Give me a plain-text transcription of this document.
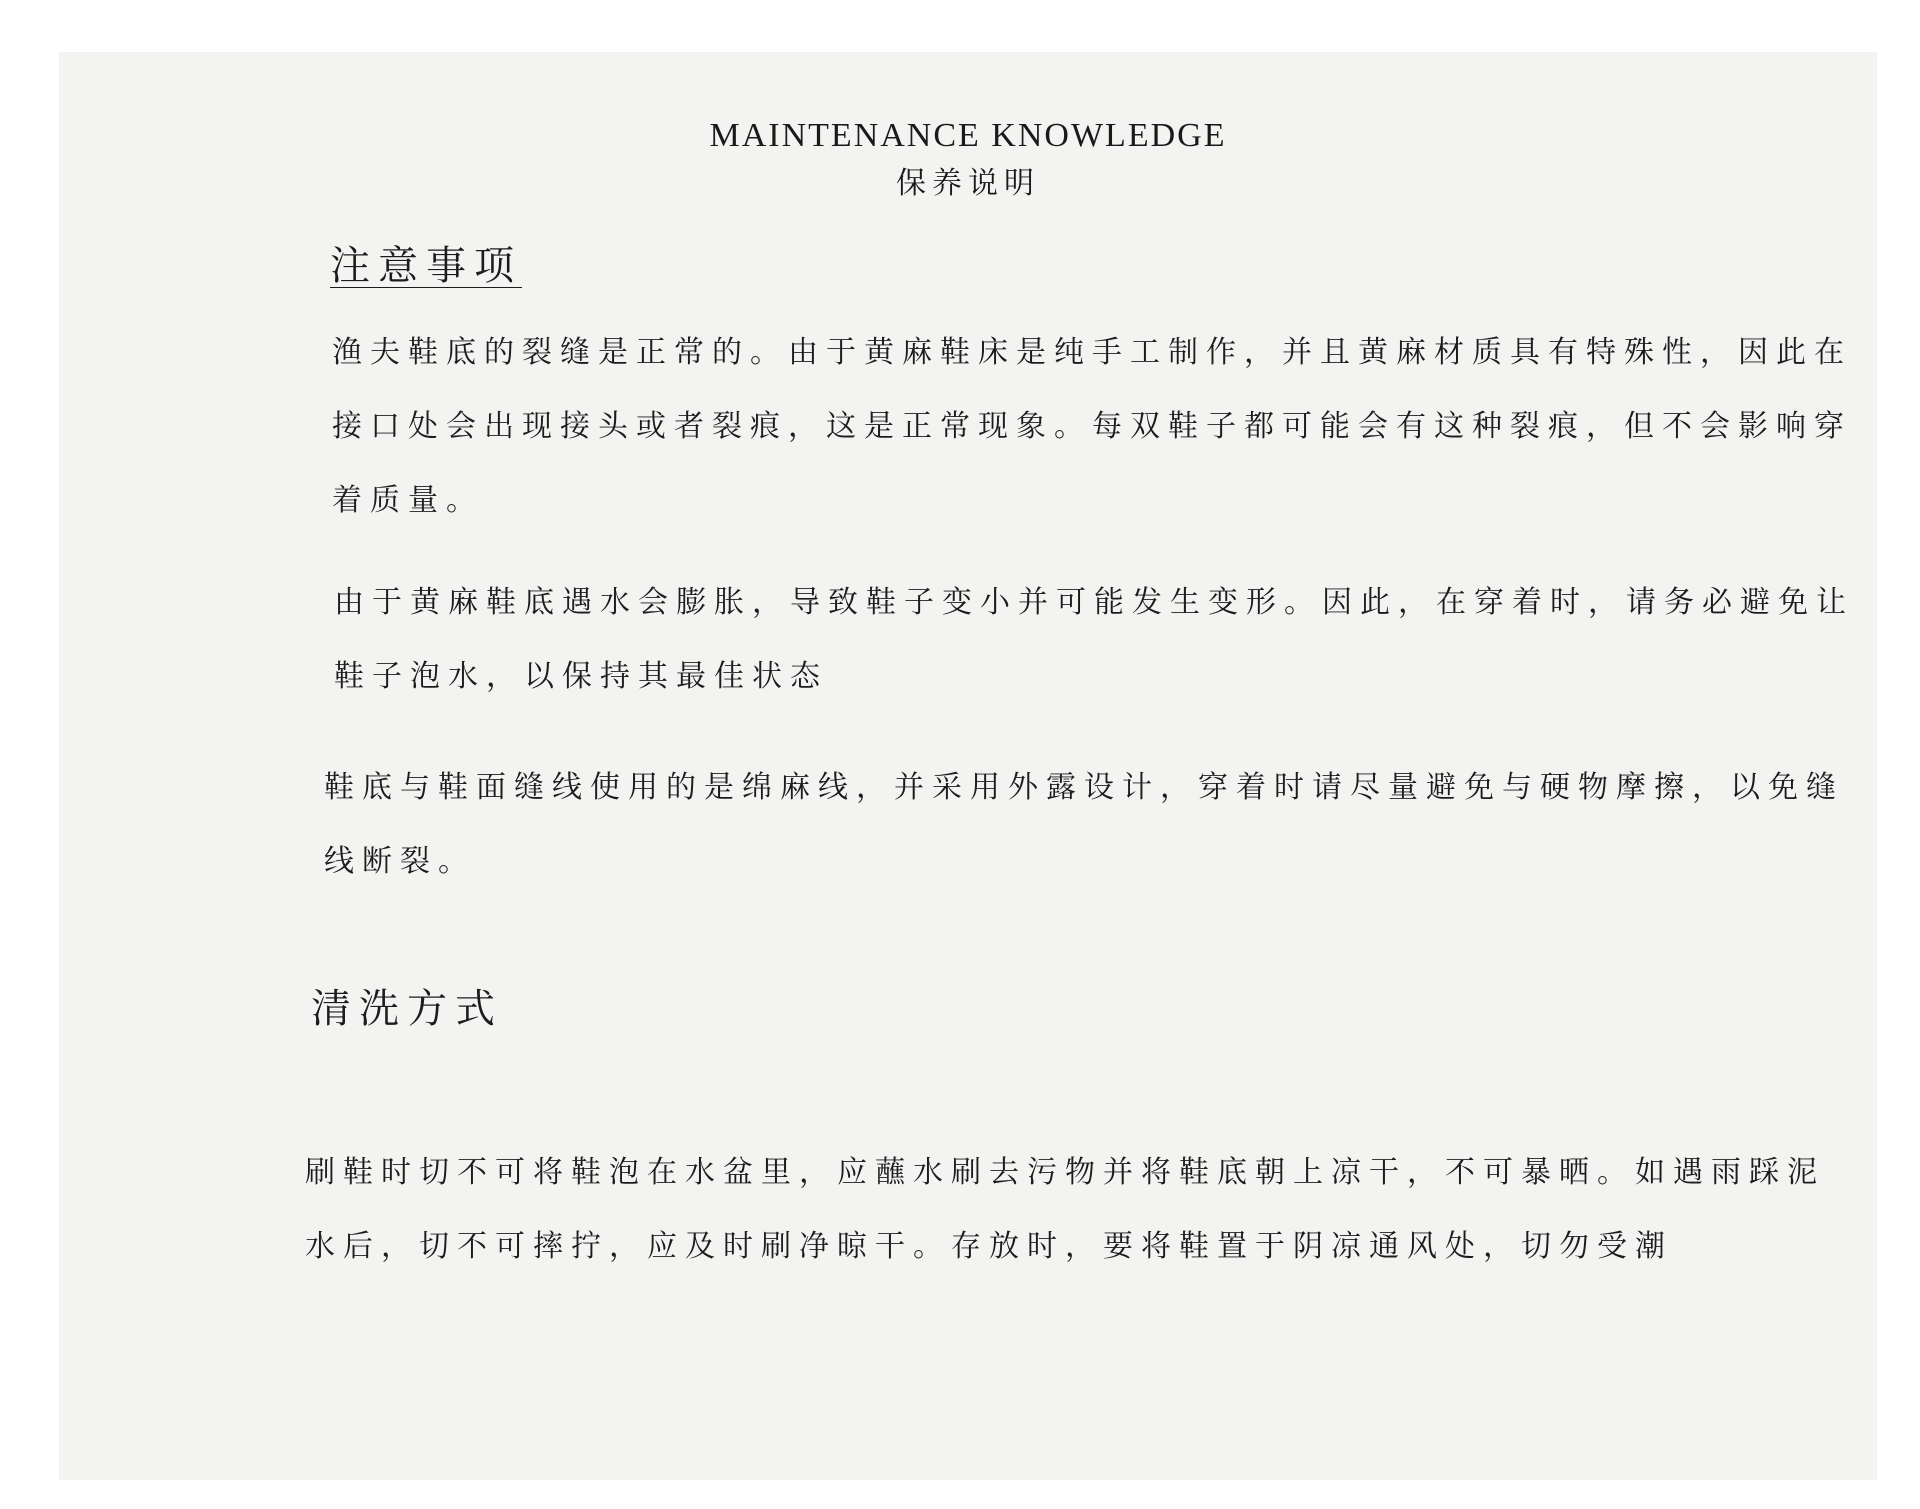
MAINTENANCE KNOWLEDGE
保养说明
注意事项
渔夫鞋底的裂缝是正常的。由于黄麻鞋床是纯手工制作，并且黄麻材质具有特殊性，因此在接口处会出现接头或者裂痕，这是正常现象。每双鞋子都可能会有这种裂痕，但不会影响穿着质量。
由于黄麻鞋底遇水会膨胀，导致鞋子变小并可能发生变形。因此，在穿着时，请务必避免让鞋子泡水，以保持其最佳状态
鞋底与鞋面缝线使用的是绵麻线，并采用外露设计，穿着时请尽量避免与硬物摩擦，以免缝线断裂。
清洗方式
刷鞋时切不可将鞋泡在水盆里，应蘸水刷去污物并将鞋底朝上凉干，不可暴晒。如遇雨踩泥水后，切不可摔拧，应及时刷净晾干。存放时，要将鞋置于阴凉通风处，切勿受潮
